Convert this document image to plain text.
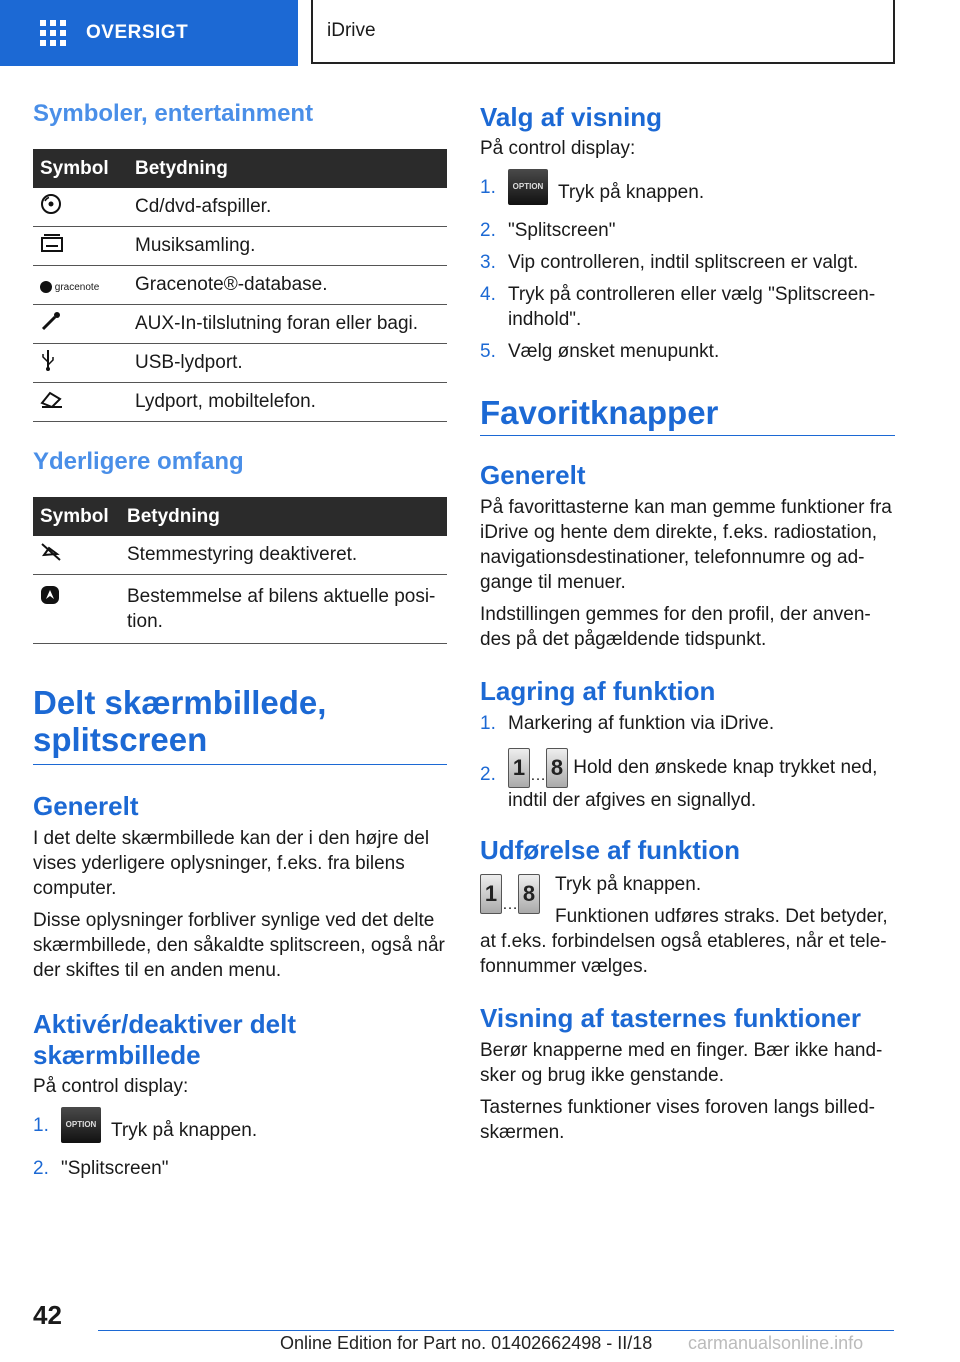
OVERSIGT	iDrive
Symboler, entertainment
Symbol	Betydning
	Cd/dvd-afspiller.
	Musiksamling.
gracenote	Gracenote®-database.
	AUX-In-tilslutning foran eller bagi.
	USB-lydport.
	Lydport, mobiltelefon.
Yderligere omfang
Symbol	Betydning
	Stemmestyring deaktiveret.
	Bestemmelse af bilens aktuelle posi‐tion.
Delt skærmbillede, splitscreen
Generelt

I det delte skærmbillede kan der i den højre del vises yderligere oplysninger, f.eks. fra bilens computer.

Disse oplysninger forbliver synlige ved det delte skærmbillede, den såkaldte splitscreen, også når der skiftes til en anden menu.

Aktivér/deaktiver delt skærmbillede

På control display:

1. OPTION Tryk på knappen.
2. "Splitscreen"
Valg af visning

På control display:

1. OPTION Tryk på knappen.
2. "Splitscreen"
3. Vip controlleren, indtil splitscreen er valgt.
4. Tryk på controlleren eller vælg "Splitscreen-indhold".
5. Vælg ønsket menupunkt.
Favoritknapper
Generelt

På favorittasterne kan man gemme funktioner fra iDrive og hente dem direkte, f.eks. radiostation, navigationsdestinationer, telefonnumre og ad‐gange til menuer.

Indstillingen gemmes for den profil, der anven‐des på det pågældende tidspunkt.

Lagring af funktion
1. Markering af funktion via iDrive.
2. 1 … 8 Hold den ønskede knap trykket ned, indtil der afgives en signallyd.
Udførelse af funktion
1 … 8	Tryk på knappen.

Funktionen udføres straks. Det betyder, at f.eks. forbindelsen også etableres, når et tele‐fonnummer vælges.

Visning af tasternes funktioner

Berør knapperne med en finger. Bær ikke hand‐sker og brug ikke genstande.

Tasternes funktioner vises foroven langs billed‐skærmen.

42
Online Edition for Part no. 01402662498 - II/18 carmanualsonline.info
